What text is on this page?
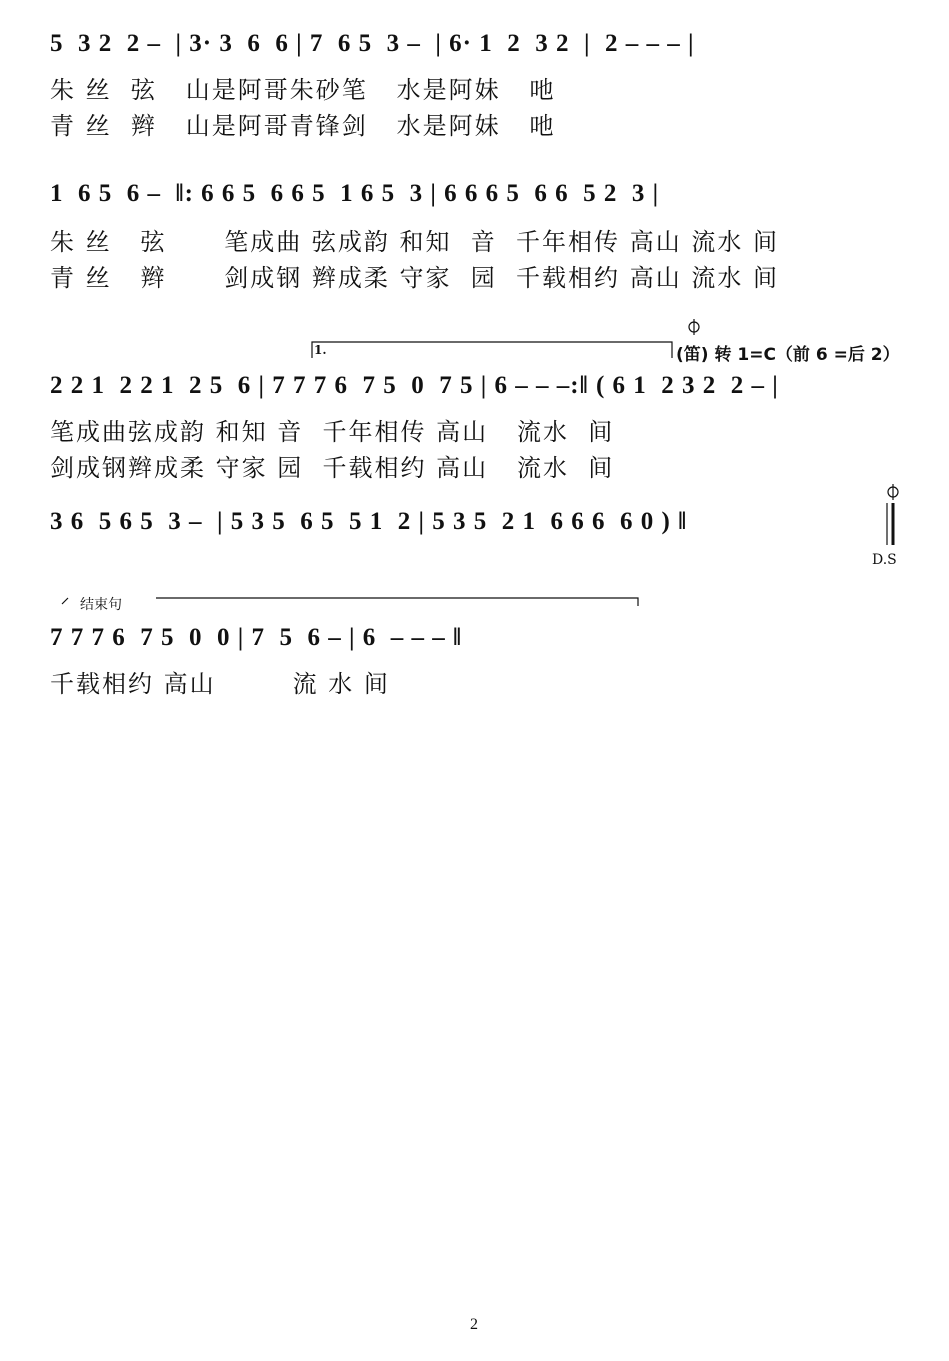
5  3 2  2 –  | 3· 3  6  6 | 7  6 5  3 –  | 6· 1  2  3 2  |  2 – – – |
朱 丝  弦   山是阿哥朱砂笔   水是阿妹   吔
青 丝  辫   山是阿哥青锋剑   水是阿妹   吔
1  6 5  6 –  ‖: 6 6 5  6 6 5  1 6 5  3 | 6 6 6 5  6 6  5 2  3 |
朱 丝   弦      笔成曲 弦成韵 和知  音  千年相传 高山 流水 间
青 丝   辫      剑成钢 辫成柔 守家  园  千载相约 高山 流水 间
1.	(笛) 转 1=C（前 6 =后 2）
2 2 1  2 2 1  2 5  6 | 7 7 7 6  7 5  0  7 5 | 6 – – –:‖ ( 6 1  2 3 2  2 – |
笔成曲弦成韵 和知 音  千年相传 高山   流水  间
剑成钢辫成柔 守家 园  千载相约 高山   流水  间
3 6  5 6 5  3 –  | 5 3 5  6 5  5 1  2 | 5 3 5  2 1  6 6 6  6 0 ) ‖
D.S
结束句
7 7 7 6  7 5  0  0 | 7  5  6 – | 6  – – – ‖
千载相约 高山        流 水 间
2
